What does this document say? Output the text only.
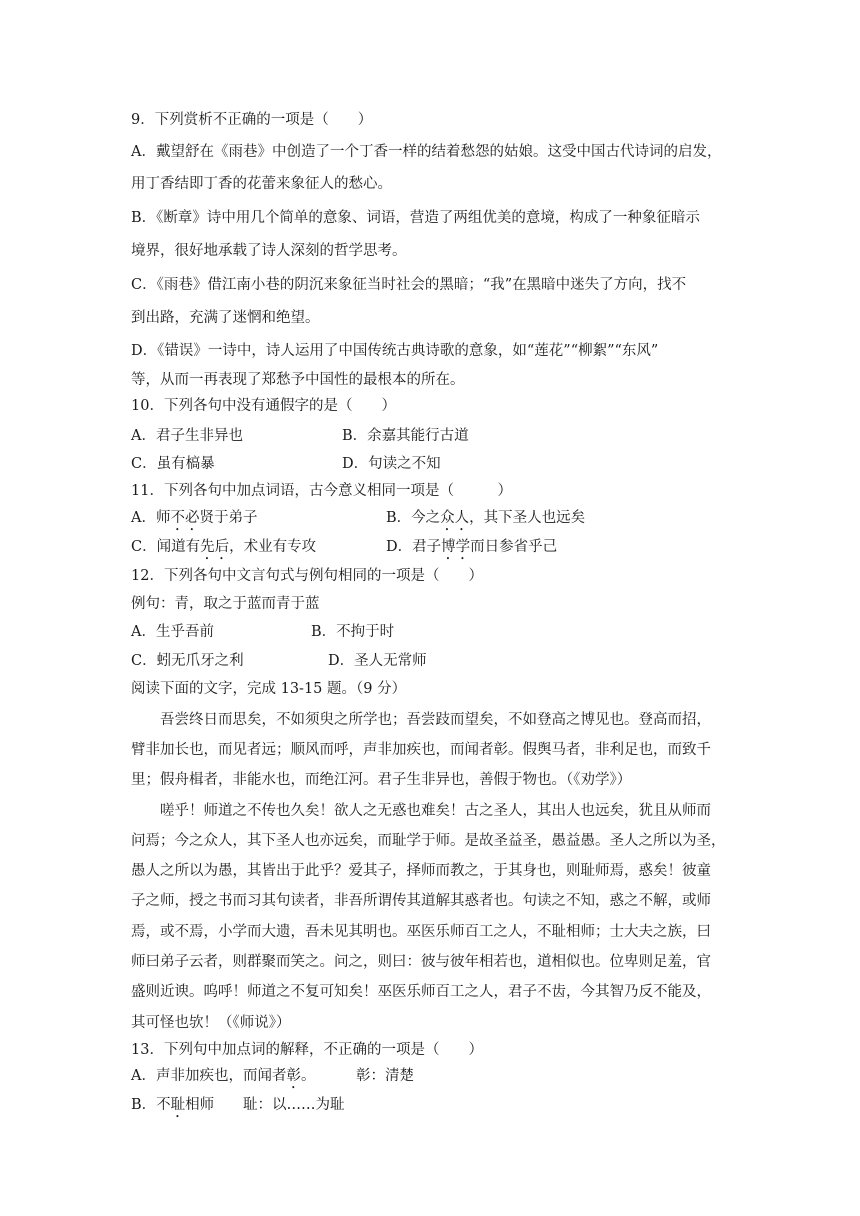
9．下列赏析不正确的一项是（　　）
A．戴望舒在《雨巷》中创造了一个丁香一样的结着愁怨的姑娘。这受中国古代诗词的启发，
用丁香结即丁香的花蕾来象征人的愁心。
B．《断章》诗中用几个简单的意象、词语，营造了两组优美的意境，构成了一种象征暗示
境界，很好地承载了诗人深刻的哲学思考。
C．《雨巷》借江南小巷的阴沉来象征当时社会的黑暗；“我”在黑暗中迷失了方向，找不
到出路，充满了迷惘和绝望。
D．《错误》一诗中，诗人运用了中国传统古典诗歌的意象，如“莲花”“柳絮”“东风”
等，从而一再表现了郑愁予中国性的最根本的所在。
10．下列各句中没有通假字的是（　　）
A．君子生非异也	B．余嘉其能行古道
C．虽有槁暴	D．句读之不知
11．下列各句中加点词语，古今意义相同一项是（　　　）
A．师不必贤于弟子	B．今之众人，其下圣人也远矣
C．闻道有先后，术业有专攻	D．君子博学而日参省乎己
12．下列各句中文言句式与例句相同的一项是（　　）
例句：青，取之于蓝而青于蓝
A．生乎吾前	B．不拘于时
C．蚓无爪牙之利	D．圣人无常师
阅读下面的文字，完成 13-15 题。（9 分）
吾尝终日而思矣，不如须臾之所学也；吾尝跂而望矣，不如登高之博见也。登高而招，
臂非加长也，而见者远；顺风而呼，声非加疾也，而闻者彰。假舆马者，非利足也，而致千
里；假舟楫者，非能水也，而绝江河。君子生非异也，善假于物也。（《劝学》）
嗟乎！师道之不传也久矣！欲人之无惑也难矣！古之圣人，其出人也远矣，犹且从师而
问焉；今之众人，其下圣人也亦远矣，而耻学于师。是故圣益圣，愚益愚。圣人之所以为圣，
愚人之所以为愚，其皆出于此乎？爱其子，择师而教之，于其身也，则耻师焉，惑矣！彼童
子之师，授之书而习其句读者，非吾所谓传其道解其惑者也。句读之不知，惑之不解，或师
焉，或不焉，小学而大遗，吾未见其明也。巫医乐师百工之人，不耻相师；士大夫之族，曰
师曰弟子云者，则群聚而笑之。问之，则曰：彼与彼年相若也，道相似也。位卑则足羞，官
盛则近谀。呜呼！师道之不复可知矣！巫医乐师百工之人，君子不齿，今其智乃反不能及，
其可怪也欤！（《师说》）
13．下列句中加点词的解释，不正确的一项是（　　）
A．声非加疾也，而闻者彰。	彰：清楚
B．不耻相师 耻：以……为耻
